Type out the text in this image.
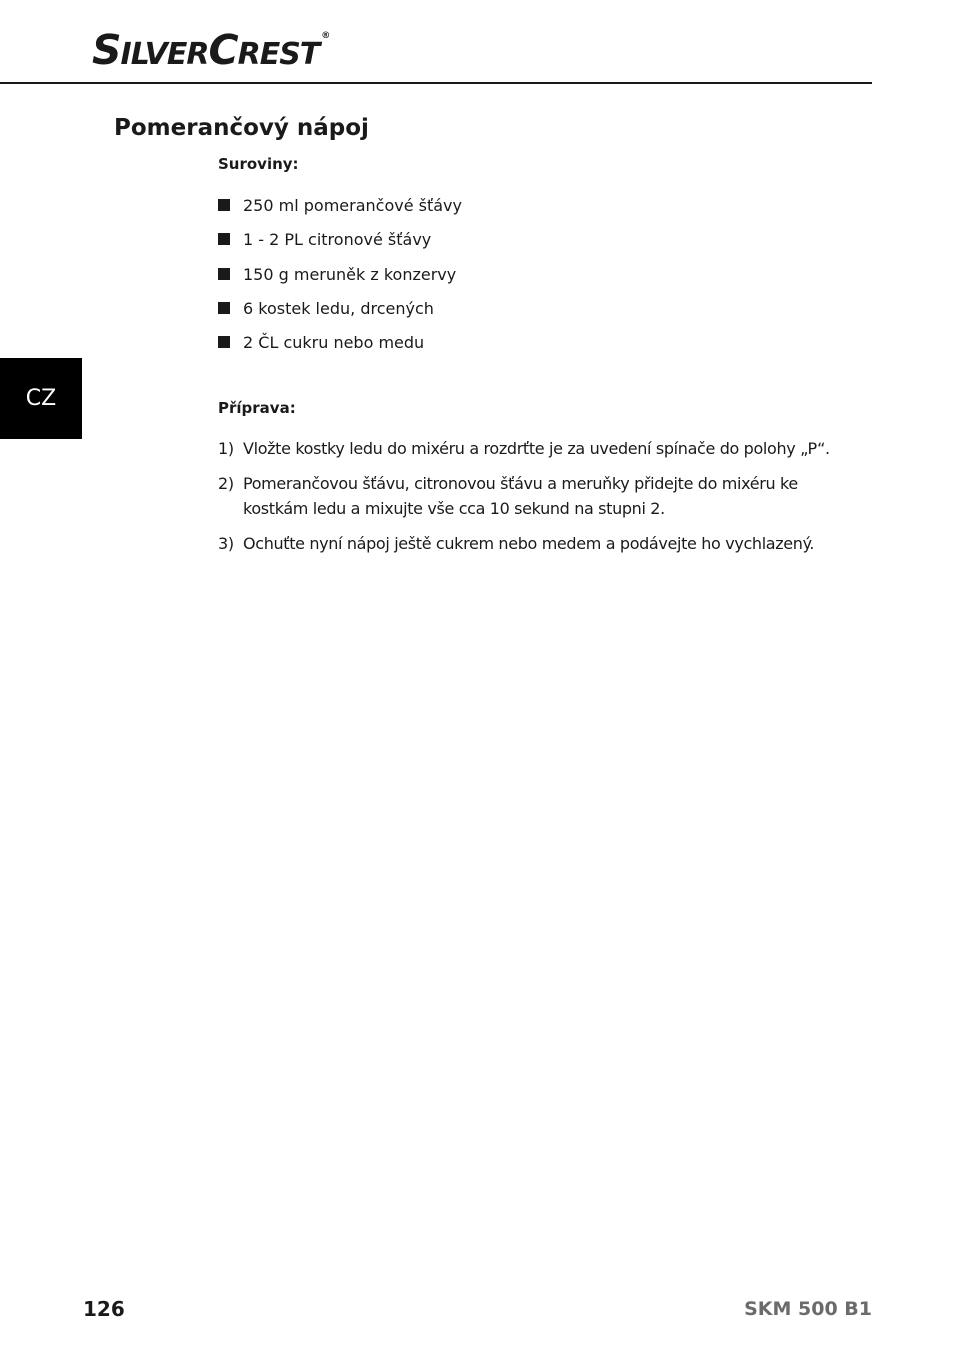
SILVERCREST®
CZ
Pomerančový nápoj
Suroviny:
250 ml pomerančové šťávy
1 - 2 PL citronové šťávy
150 g meruněk z konzervy
6 kostek ledu, drcených
2 ČL cukru nebo medu
Příprava:
1) Vložte kostky ledu do mixéru a rozdrťte je za uvedení spínače do polohy „P“.
2) Pomerančovou šťávu, citronovou šťávu a meruňky přidejte do mixéru ke kostkám ledu a mixujte vše cca 10 sekund na stupni 2.
3) Ochuťte nyní nápoj ještě cukrem nebo medem a podávejte ho vychlazený.
126	SKM 500 B1
